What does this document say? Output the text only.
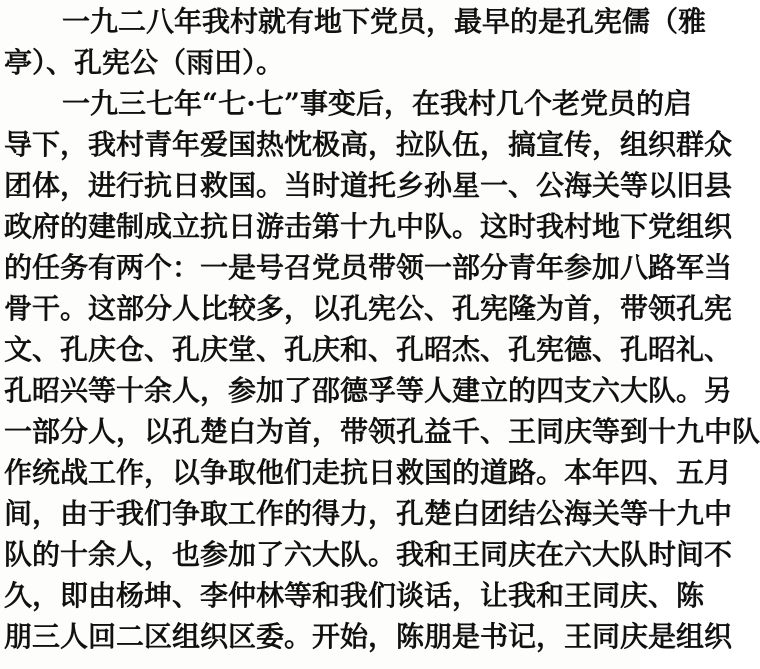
一九二八年我村就有地下党员，最早的是孔宪儒（雅
亭）、孔宪公（雨田）。
一九三七年“七·七”事变后，在我村几个老党员的启
导下，我村青年爱国热忱极高，拉队伍，搞宣传，组织群众
团体，进行抗日救国。当时道托乡孙星一、公海关等以旧县
政府的建制成立抗日游击第十九中队。这时我村地下党组织
的任务有两个：一是号召党员带领一部分青年参加八路军当
骨干。这部分人比较多，以孔宪公、孔宪隆为首，带领孔宪
文、孔庆仓、孔庆堂、孔庆和、孔昭杰、孔宪德、孔昭礼、
孔昭兴等十余人，参加了邵德孚等人建立的四支六大队。另
一部分人，以孔楚白为首，带领孔益千、王同庆等到十九中队
作统战工作，以争取他们走抗日救国的道路。本年四、五月
间，由于我们争取工作的得力，孔楚白团结公海关等十九中
队的十余人，也参加了六大队。我和王同庆在六大队时间不
久，即由杨坤、李仲林等和我们谈话，让我和王同庆、陈
朋三人回二区组织区委。开始，陈朋是书记，王同庆是组织
